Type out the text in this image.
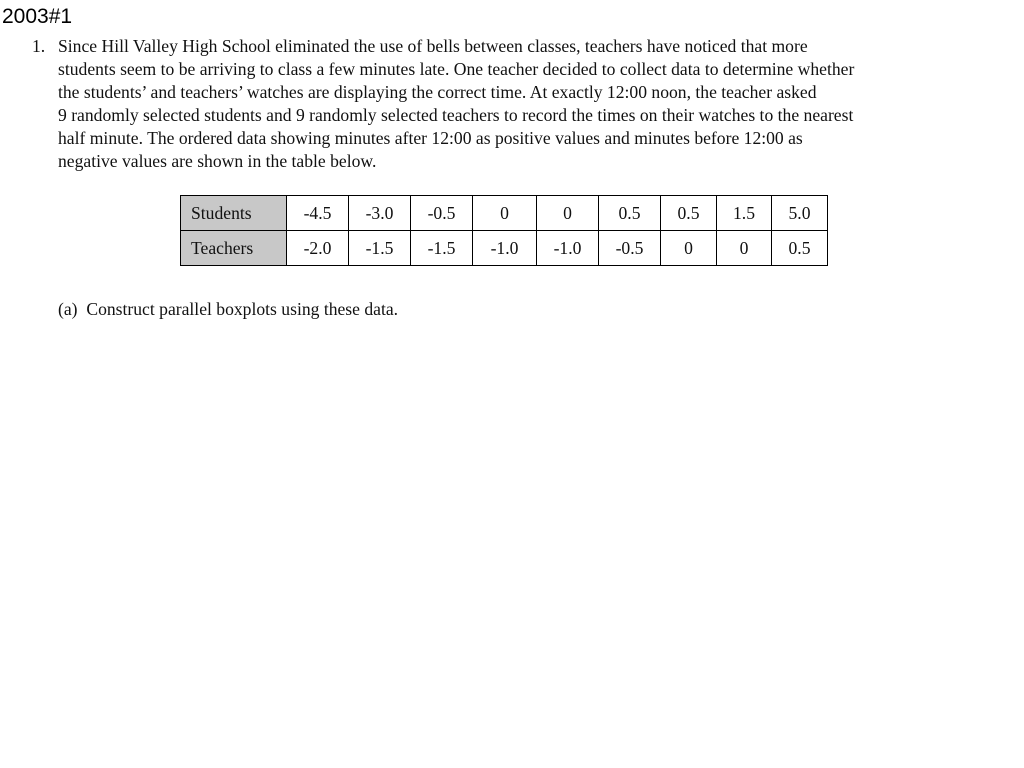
2003#1
1. Since Hill Valley High School eliminated the use of bells between classes, teachers have noticed that more
students seem to be arriving to class a few minutes late. One teacher decided to collect data to determine whether
the students’ and teachers’ watches are displaying the correct time. At exactly 12:00 noon, the teacher asked
9 randomly selected students and 9 randomly selected teachers to record the times on their watches to the nearest
half minute. The ordered data showing minutes after 12:00 as positive values and minutes before 12:00 as
negative values are shown in the table below.
Students	-4.5	-3.0	-0.5	0	0	0.5	0.5	1.5	5.0
Teachers	-2.0	-1.5	-1.5	-1.0	-1.0	-0.5	0	0	0.5
(a) Construct parallel boxplots using these data.
